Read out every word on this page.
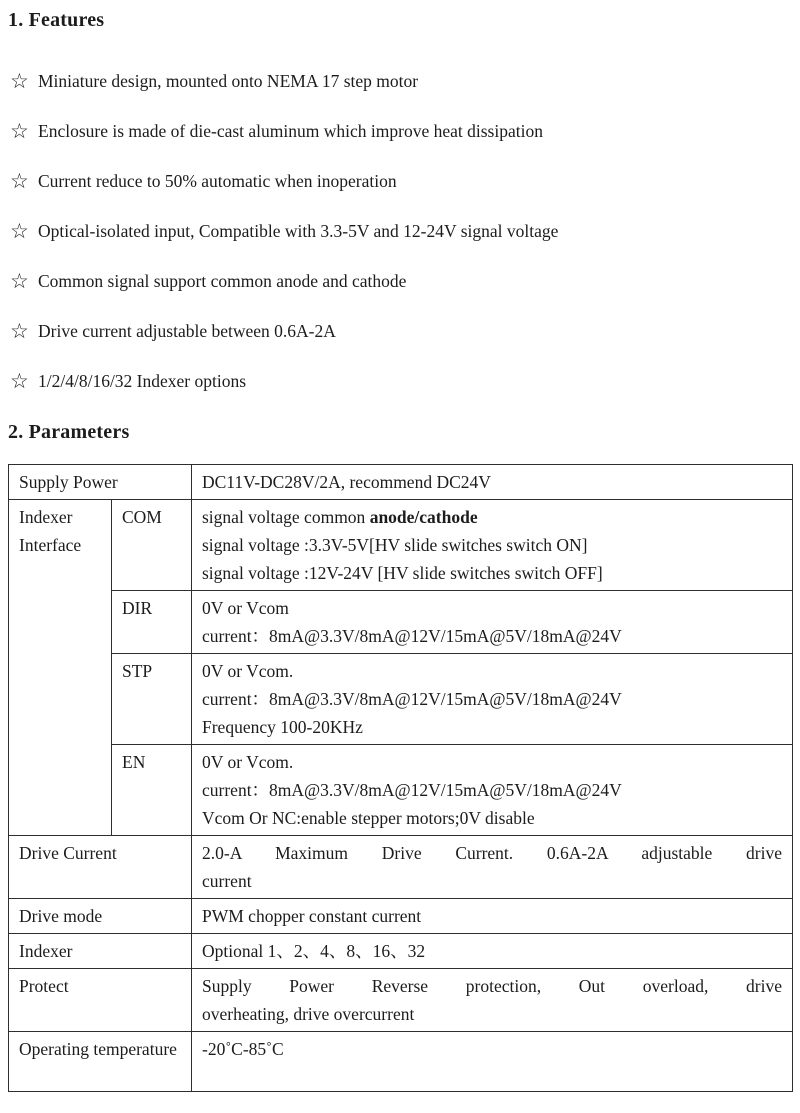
1. Features
☆ Miniature design, mounted onto NEMA 17 step motor
☆ Enclosure is made of die-cast aluminum which improve heat dissipation
☆ Current reduce to 50% automatic when inoperation
☆ Optical-isolated input, Compatible with 3.3-5V and 12-24V signal voltage
☆ Common signal support common anode and cathode
☆ Drive current adjustable between 0.6A-2A
☆ 1/2/4/8/16/32 Indexer options
2. Parameters
Supply Power		DC11V-DC28V/2A, recommend DC24V
Indexer Interface	COM	signal voltage common anode/cathode
signal voltage :3.3V-5V[HV slide switches switch ON]
signal voltage :12V-24V [HV slide switches switch OFF]

	DIR	0V or Vcom
current：8mA@3.3V/8mA@12V/15mA@5V/18mA@24V

	STP	0V or Vcom.
current：8mA@3.3V/8mA@12V/15mA@5V/18mA@24V
Frequency 100-20KHz

	EN	0V or Vcom.
current：8mA@3.3V/8mA@12V/15mA@5V/18mA@24V
Vcom Or NC:enable stepper motors;0V disable

Drive Current		2.0-A Maximum Drive Current. 0.6A-2A adjustable drive
current

Drive mode		PWM chopper constant current
Indexer		Optional 1、2、4、8、16、32
Protect		Supply Power Reverse protection, Out overload, drive
overheating, drive overcurrent

Operating temperature		-20˚C-85˚C
